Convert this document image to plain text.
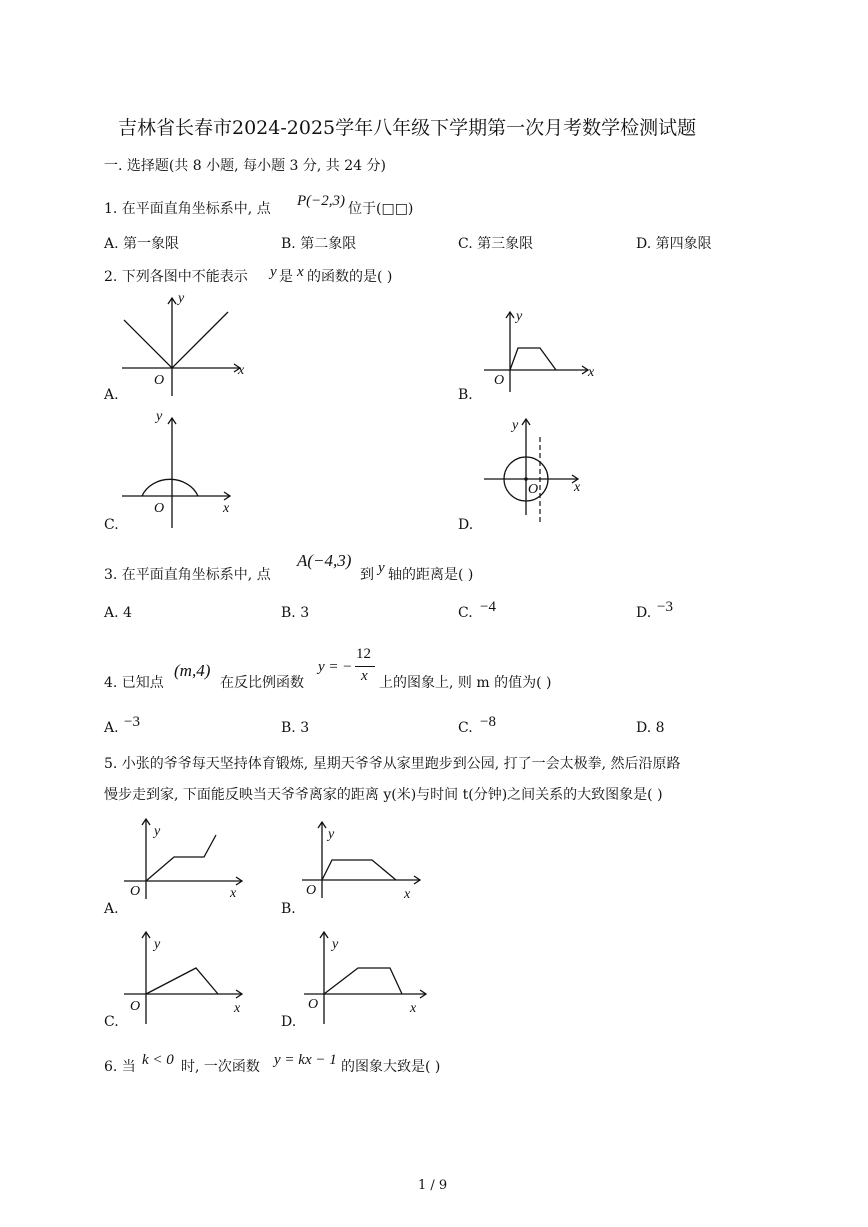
吉林省长春市2024-2025学年八年级下学期第一次月考数学检测试题
一. 选择题(共 8 小题, 每小题 3 分, 共 24 分)
1. 在平面直角坐标系中, 点 P(−2,3) 位于(□□)
A. 第一象限	B. 第二象限	C. 第三象限	D. 第四象限
2. 下列各图中不能表示 y 是 x 的函数的是( )
y
x
O
A.
y
x
O
B.
y
x
O
C.
y
x
O
D.
3. 在平面直角坐标系中, 点
A(−4,3)
到 y 轴的距离是( )
A. 4	B. 3	C. −4	D. −3
4. 已知点
(m,4)
在反比例函数
y = −
12
x 上的图象上, 则 m 的值为( )
A. −3	B. 3	C. −8	D. 8
5. 小张的爷爷每天坚持体育锻炼, 星期天爷爷从家里跑步到公园, 打了一会太极拳, 然后沿原路
慢步走到家, 下面能反映当天爷爷离家的距离 y(米)与时间 t(分钟)之间关系的大致图象是( )
y
x
O
A.
y
x
O
B.
y
x
O
C.
y
x
O
D.
6. 当 k < 0 时, 一次函数 y = kx − 1 的图象大致是( )
1 / 9
